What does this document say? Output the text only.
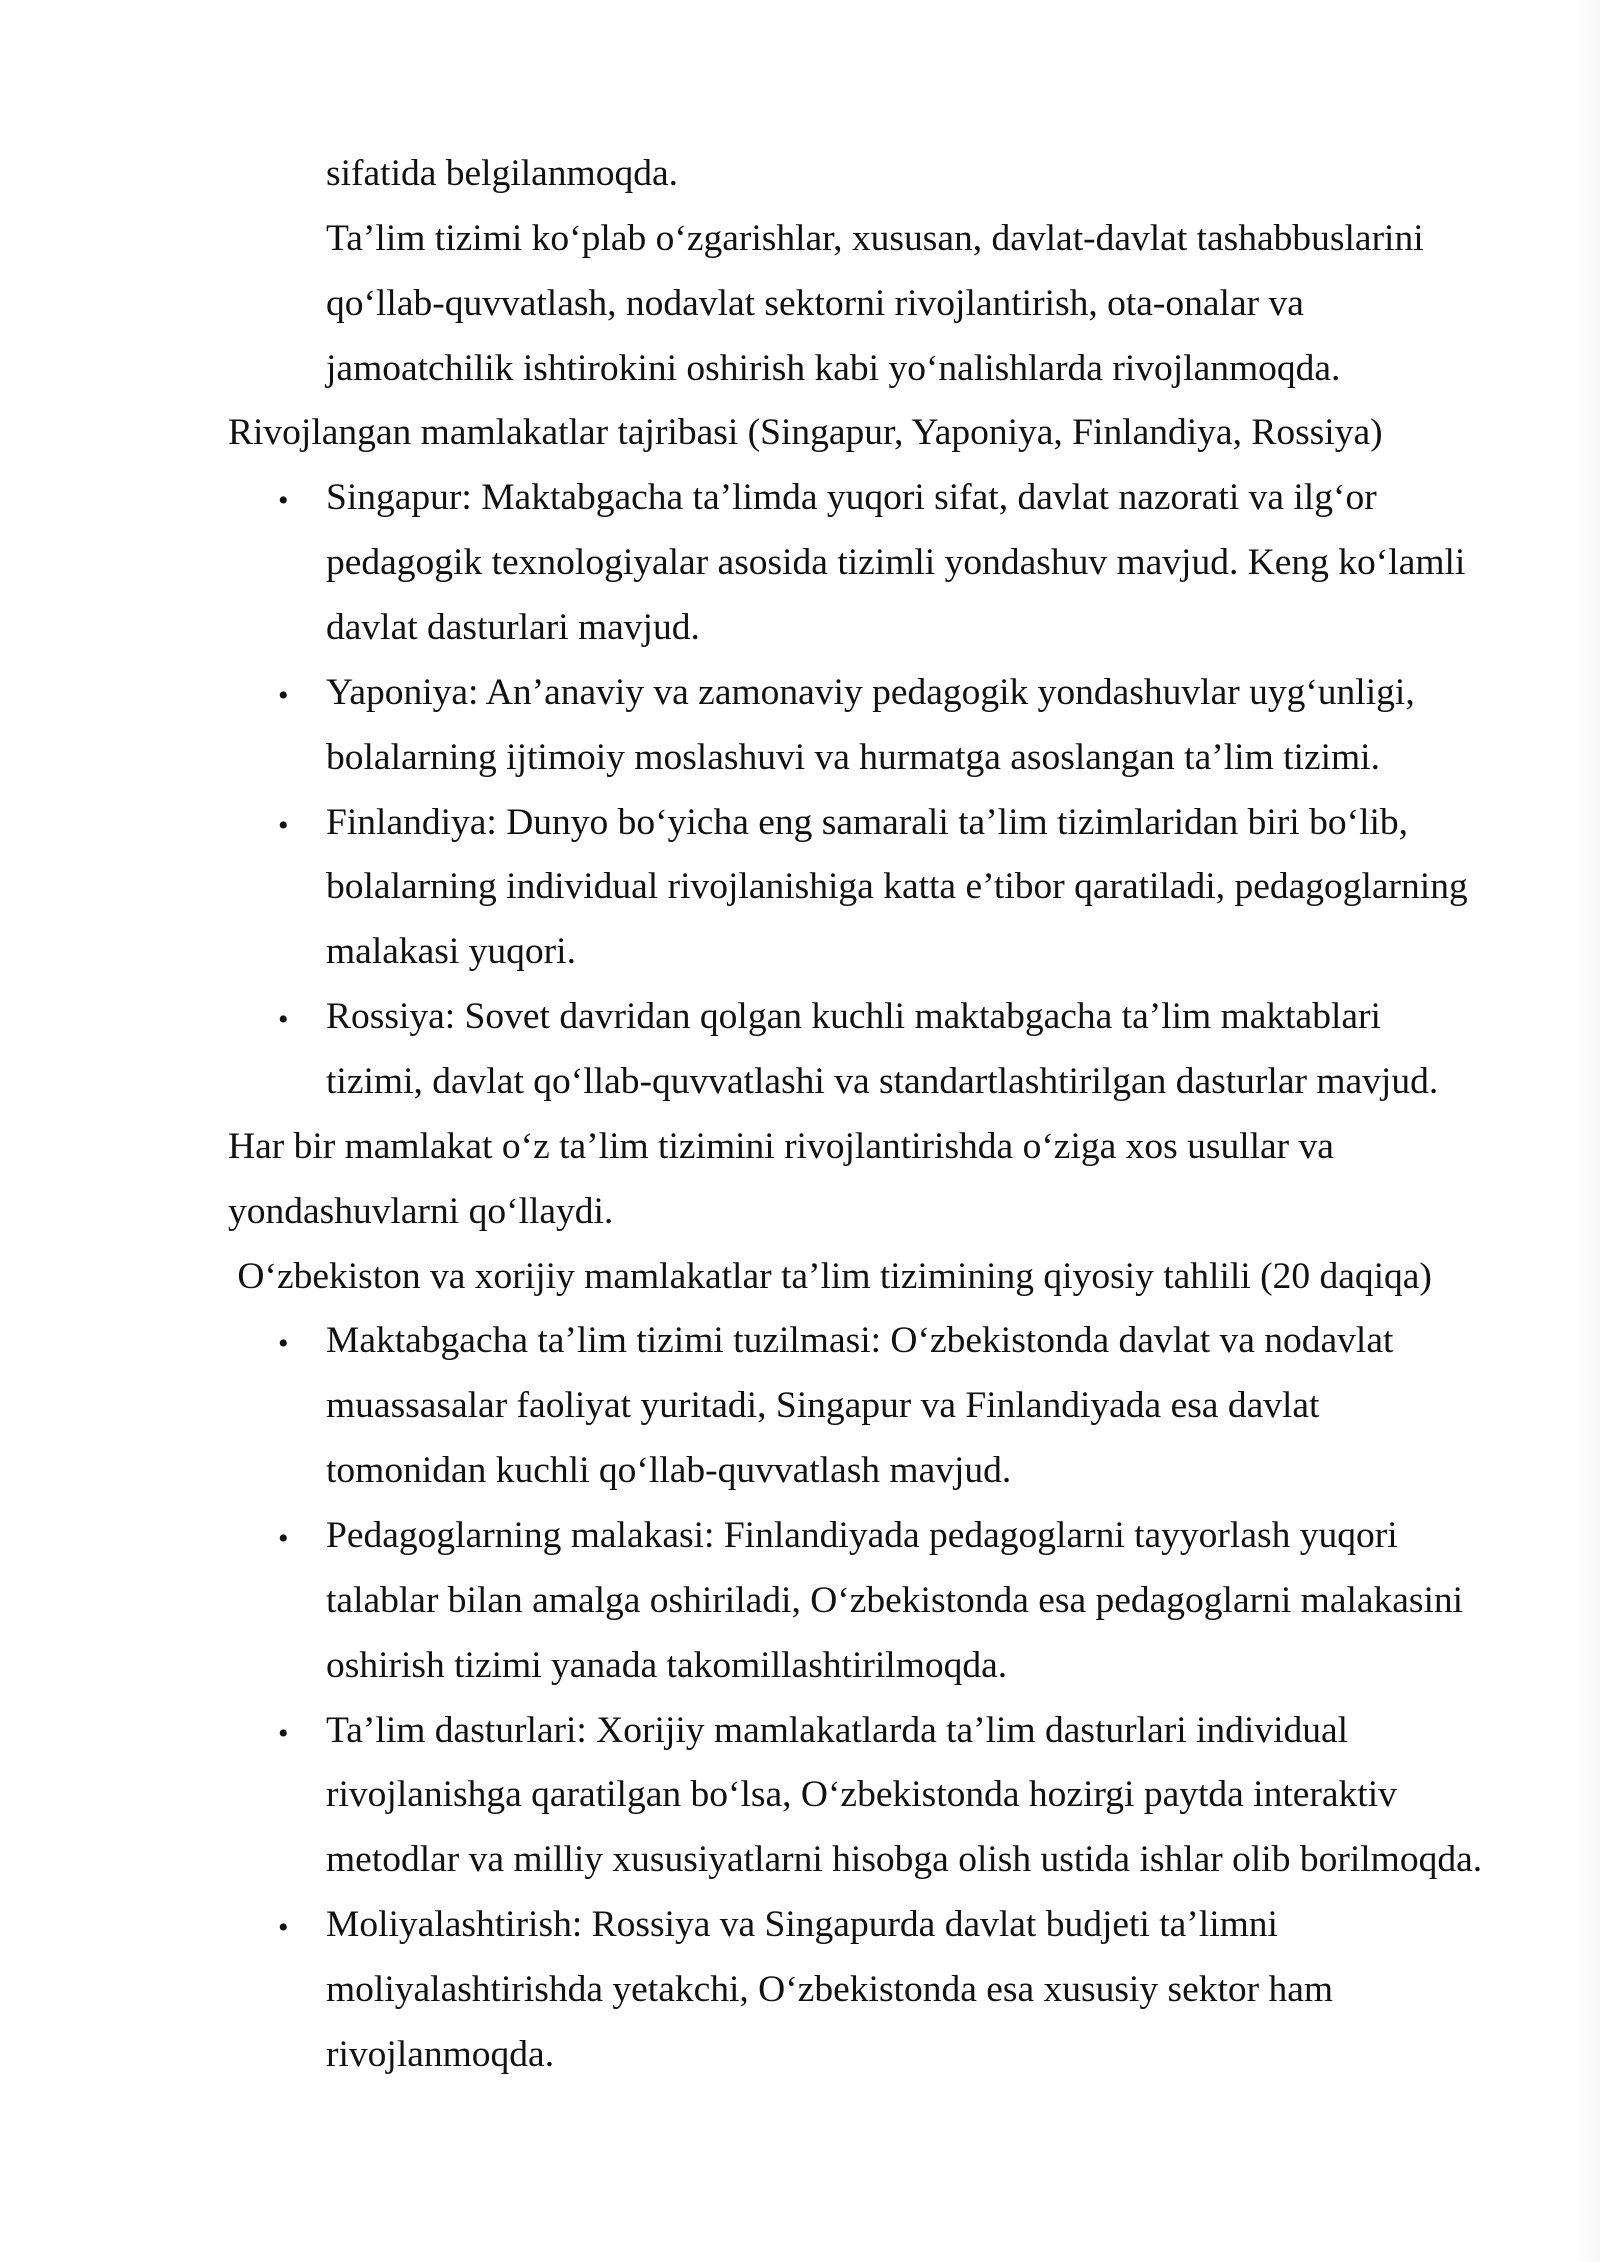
sifatida belgilanmoqda.
Ta’lim tizimi ko‘plab o‘zgarishlar, xususan, davlat-davlat tashabbuslarini
qo‘llab-quvvatlash, nodavlat sektorni rivojlantirish, ota-onalar va
jamoatchilik ishtirokini oshirish kabi yo‘nalishlarda rivojlanmoqda.
Rivojlangan mamlakatlar tajribasi (Singapur, Yaponiya, Finlandiya, Rossiya)
• Singapur: Maktabgacha ta’limda yuqori sifat, davlat nazorati va ilg‘or
pedagogik texnologiyalar asosida tizimli yondashuv mavjud. Keng ko‘lamli
davlat dasturlari mavjud.
• Yaponiya: An’anaviy va zamonaviy pedagogik yondashuvlar uyg‘unligi,
bolalarning ijtimoiy moslashuvi va hurmatga asoslangan ta’lim tizimi.
• Finlandiya: Dunyo bo‘yicha eng samarali ta’lim tizimlaridan biri bo‘lib,
bolalarning individual rivojlanishiga katta e’tibor qaratiladi, pedagoglarning
malakasi yuqori.
• Rossiya: Sovet davridan qolgan kuchli maktabgacha ta’lim maktablari
tizimi, davlat qo‘llab-quvvatlashi va standartlashtirilgan dasturlar mavjud.
Har bir mamlakat o‘z ta’lim tizimini rivojlantirishda o‘ziga xos usullar va
yondashuvlarni qo‘llaydi.
O‘zbekiston va xorijiy mamlakatlar ta’lim tizimining qiyosiy tahlili (20 daqiqa)
• Maktabgacha ta’lim tizimi tuzilmasi: O‘zbekistonda davlat va nodavlat
muassasalar faoliyat yuritadi, Singapur va Finlandiyada esa davlat
tomonidan kuchli qo‘llab-quvvatlash mavjud.
• Pedagoglarning malakasi: Finlandiyada pedagoglarni tayyorlash yuqori
talablar bilan amalga oshiriladi, O‘zbekistonda esa pedagoglarni malakasini
oshirish tizimi yanada takomillashtirilmoqda.
• Ta’lim dasturlari: Xorijiy mamlakatlarda ta’lim dasturlari individual
rivojlanishga qaratilgan bo‘lsa, O‘zbekistonda hozirgi paytda interaktiv
metodlar va milliy xususiyatlarni hisobga olish ustida ishlar olib borilmoqda.
• Moliyalashtirish: Rossiya va Singapurda davlat budjeti ta’limni
moliyalashtirishda yetakchi, O‘zbekistonda esa xususiy sektor ham
rivojlanmoqda.
